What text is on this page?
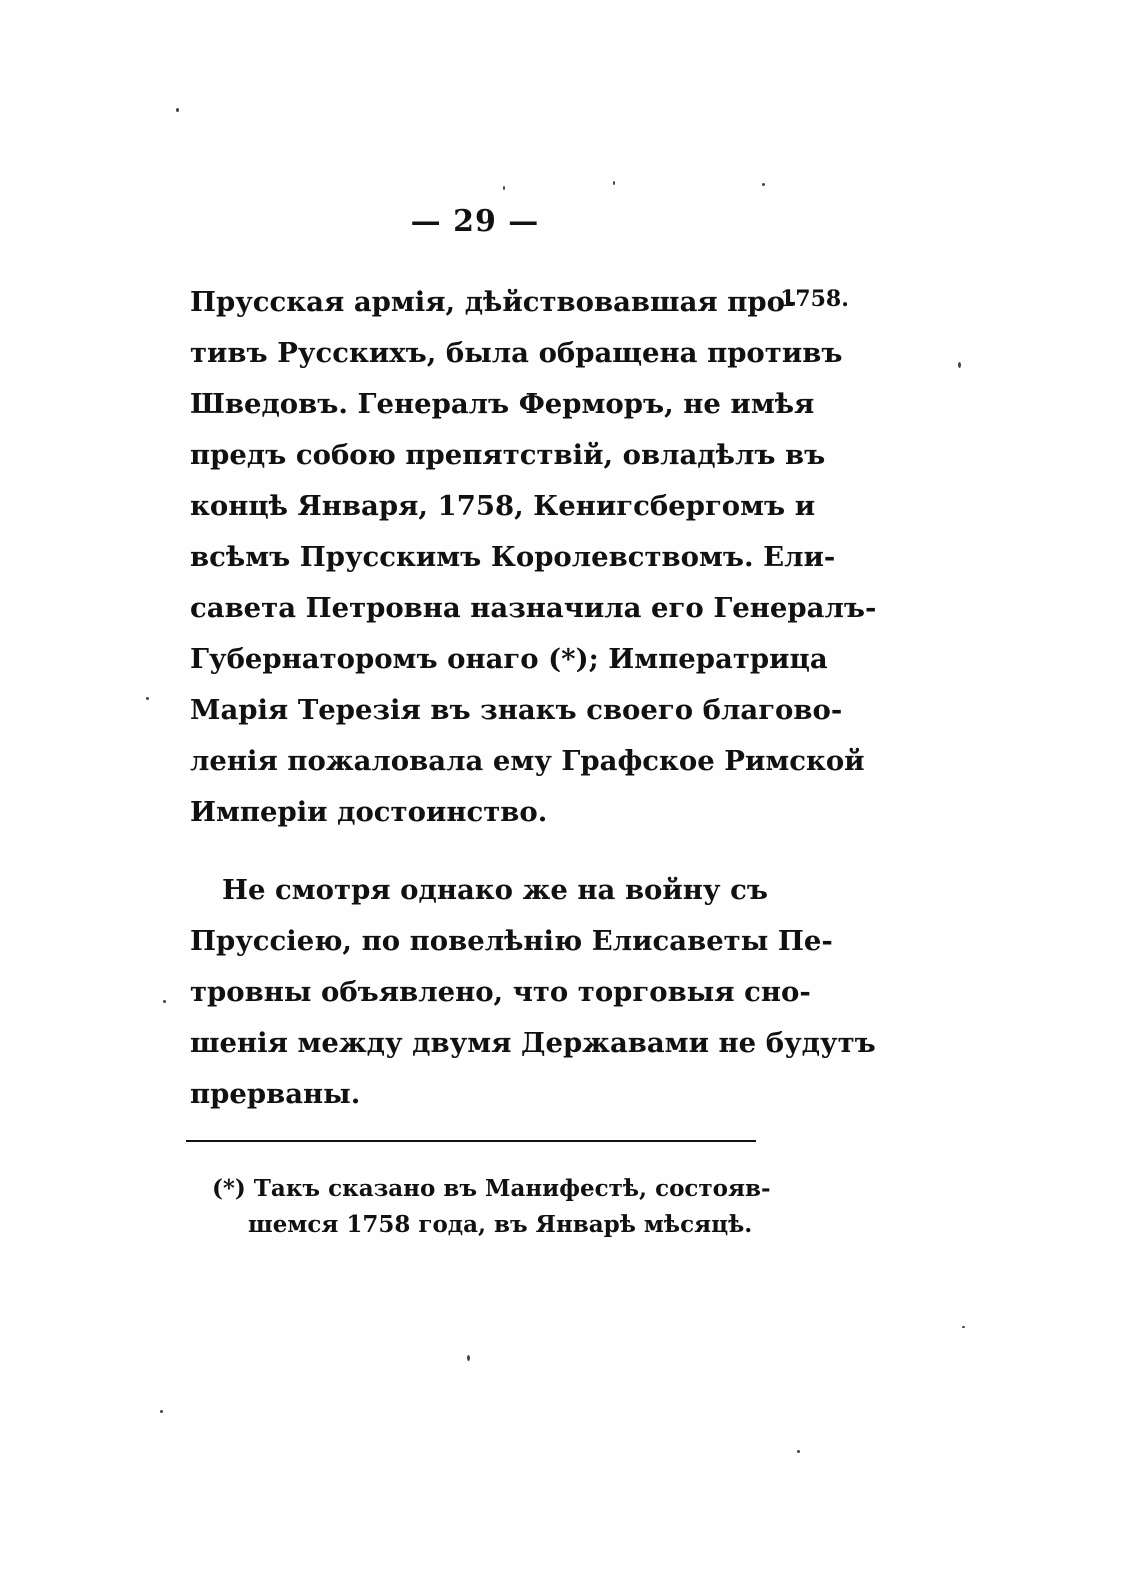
— 29 —
1758.
Прусская армія, дѣйствовавшая про-
тивъ Русскихъ, была обращена противъ
Шведовъ. Генералъ Ферморъ, не имѣя
предъ собою препятствій, овладѣлъ въ
концѣ Января, 1758, Кенигсбергомъ и
всѣмъ Прусскимъ Королевствомъ. Ели-
савета Петровна назначила его Генералъ-
Губернаторомъ онаго (*); Императрица
Марія Терезія въ знакъ своего благово-
ленія пожаловала ему Графское Римской
Имперіи достоинство.
Не смотря однако же на войну съ
Пруссіею, по повелѣнію Елисаветы Пе-
тровны объявлено, что торговыя сно-
шенія между двумя Державами не будутъ
прерваны.
(*) Такъ сказано въ Манифестѣ, состояв-
шемся 1758 года, въ Январѣ мѣсяцѣ.
